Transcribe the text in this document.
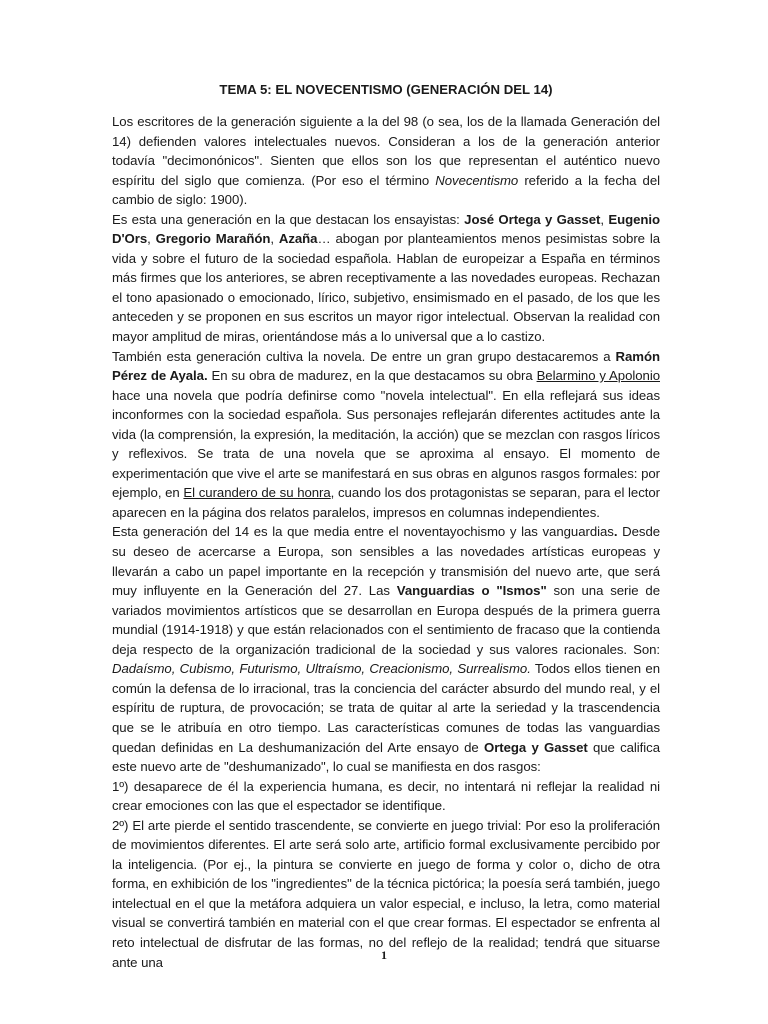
TEMA 5: EL NOVECENTISMO (GENERACIÓN DEL 14)

Los escritores de la generación siguiente a la del 98 (o sea, los de la llamada Generación del 14) defienden valores intelectuales nuevos. Consideran a los de la generación anterior todavía "decimonónicos". Sienten que ellos son los que representan el auténtico nuevo espíritu del siglo que comienza. (Por eso el término Novecentismo referido a la fecha del cambio de siglo: 1900).

Es esta una generación en la que destacan los ensayistas: José Ortega y Gasset, Eugenio D'Ors, Gregorio Marañón, Azaña… abogan por planteamientos menos pesimistas sobre la vida y sobre el futuro de la sociedad española. Hablan de europeizar a España en términos más firmes que los anteriores, se abren receptivamente a las novedades europeas. Rechazan el tono apasionado o emocionado, lírico, subjetivo, ensimismado en el pasado, de los que les anteceden y se proponen en sus escritos un mayor rigor intelectual. Observan la realidad con mayor amplitud de miras, orientándose más a lo universal que a lo castizo.

También esta generación cultiva la novela. De entre un gran grupo destacaremos a Ramón Pérez de Ayala. En su obra de madurez, en la que destacamos su obra Belarmino y Apolonio hace una novela que podría definirse como "novela intelectual". En ella reflejará sus ideas inconformes con la sociedad española. Sus personajes reflejarán diferentes actitudes ante la vida (la comprensión, la expresión, la meditación, la acción) que se mezclan con rasgos líricos y reflexivos. Se trata de una novela que se aproxima al ensayo. El momento de experimentación que vive el arte se manifestará en sus obras en algunos rasgos formales: por ejemplo, en El curandero de su honra, cuando los dos protagonistas se separan, para el lector aparecen en la página dos relatos paralelos, impresos en columnas independientes.

Esta generación del 14 es la que media entre el noventayochismo y las vanguardias. Desde su deseo de acercarse a Europa, son sensibles a las novedades artísticas europeas y llevarán a cabo un papel importante en la recepción y transmisión del nuevo arte, que será muy influyente en la Generación del 27. Las Vanguardias o "Ismos" son una serie de variados movimientos artísticos que se desarrollan en Europa después de la primera guerra mundial (1914-1918) y que están relacionados con el sentimiento de fracaso que la contienda deja respecto de la organización tradicional de la sociedad y sus valores racionales. Son: Dadaísmo, Cubismo, Futurismo, Ultraísmo, Creacionismo, Surrealismo. Todos ellos tienen en común la defensa de lo irracional, tras la conciencia del carácter absurdo del mundo real, y el espíritu de ruptura, de provocación; se trata de quitar al arte la seriedad y la trascendencia que se le atribuía en otro tiempo. Las características comunes de todas las vanguardias quedan definidas en La deshumanización del Arte ensayo de Ortega y Gasset que califica este nuevo arte de "deshumanizado", lo cual se manifiesta en dos rasgos:

1º) desaparece de él la experiencia humana, es decir, no intentará ni reflejar la realidad ni crear emociones con las que el espectador se identifique.

2º) El arte pierde el sentido trascendente, se convierte en juego trivial: Por eso la proliferación de movimientos diferentes. El arte será solo arte, artificio formal exclusivamente percibido por la inteligencia. (Por ej., la pintura se convierte en juego de forma y color o, dicho de otra forma, en exhibición de los "ingredientes" de la técnica pictórica; la poesía será también, juego intelectual en el que la metáfora adquiera un valor especial, e incluso, la letra, como material visual se convertirá también en material con el que crear formas. El espectador se enfrenta al reto intelectual de disfrutar de las formas, no del reflejo de la realidad; tendrá que situarse ante una	1
